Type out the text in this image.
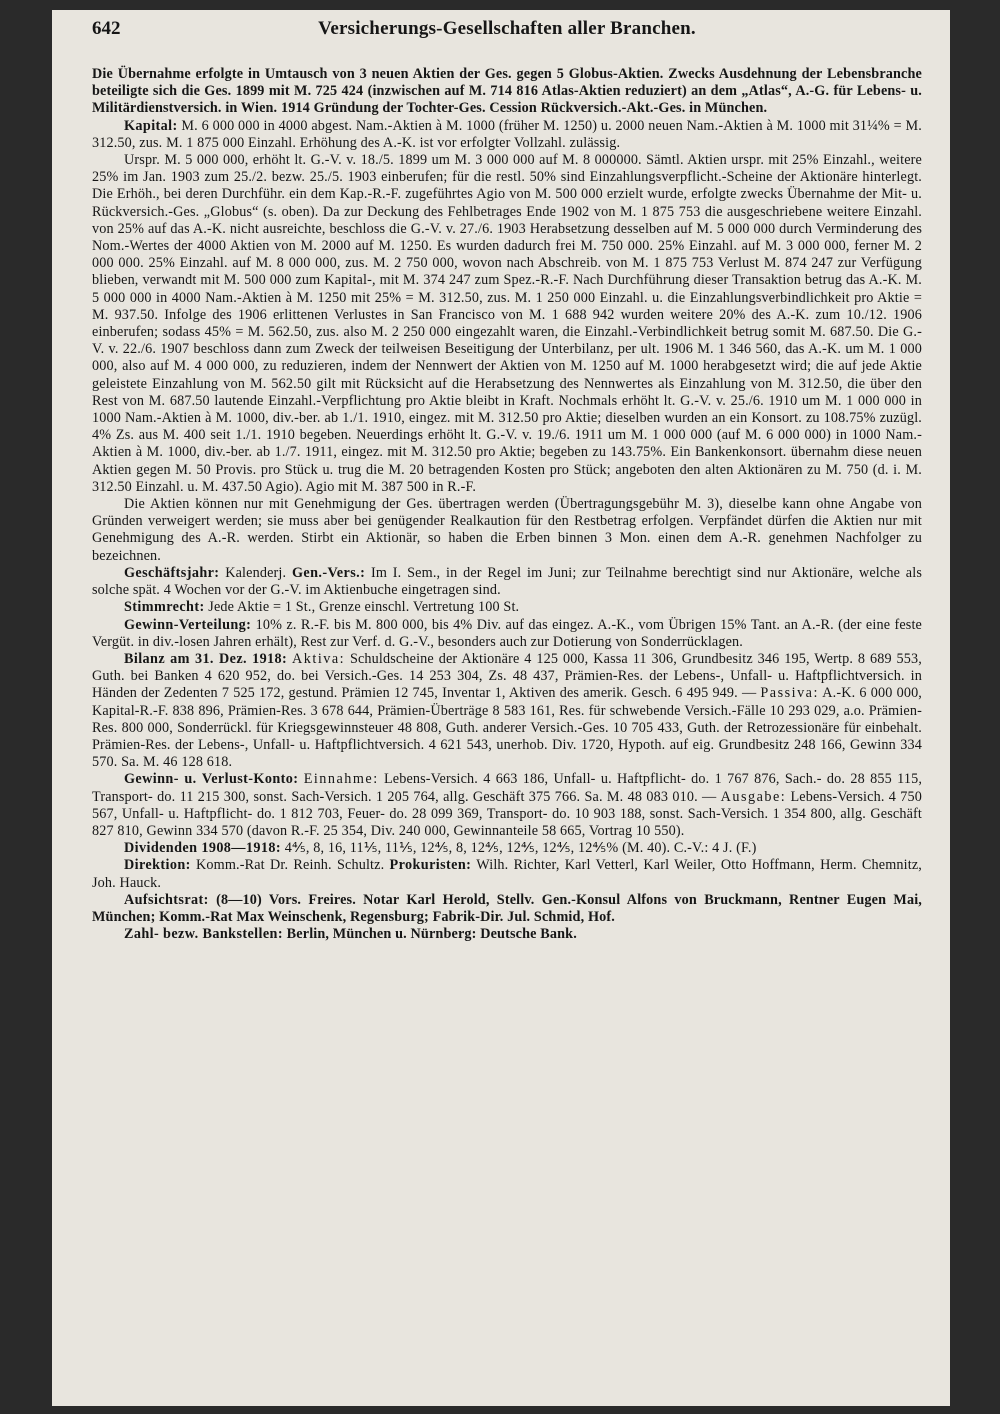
642	Versicherungs-Gesellschaften aller Branchen.

Die Übernahme erfolgte in Umtausch von 3 neuen Aktien der Ges. gegen 5 Globus-Aktien. Zwecks Ausdehnung der Lebensbranche beteiligte sich die Ges. 1899 mit M. 725 424 (inzwischen auf M. 714 816 Atlas-Aktien reduziert) an dem „Atlas“, A.-G. für Lebens- u. Militärdienstversich. in Wien. 1914 Gründung der Tochter-Ges. Cession Rückversich.-Akt.-Ges. in München.

Kapital: M. 6 000 000 in 4000 abgest. Nam.-Aktien à M. 1000 (früher M. 1250) u. 2000 neuen Nam.-Aktien à M. 1000 mit 31¼% = M. 312.50, zus. M. 1 875 000 Einzahl. Erhöhung des A.-K. ist vor erfolgter Vollzahl. zulässig.

Urspr. M. 5 000 000, erhöht lt. G.-V. v. 18./5. 1899 um M. 3 000 000 auf M. 8 000000. Sämtl. Aktien urspr. mit 25% Einzahl., weitere 25% im Jan. 1903 zum 25./2. bezw. 25./5. 1903 einberufen; für die restl. 50% sind Einzahlungsverpflicht.-Scheine der Aktionäre hinterlegt. Die Erhöh., bei deren Durchführ. ein dem Kap.-R.-F. zugeführtes Agio von M. 500 000 erzielt wurde, erfolgte zwecks Übernahme der Mit- u. Rückversich.-Ges. „Globus“ (s. oben). Da zur Deckung des Fehlbetrages Ende 1902 von M. 1 875 753 die ausgeschriebene weitere Einzahl. von 25% auf das A.-K. nicht ausreichte, beschloss die G.-V. v. 27./6. 1903 Herabsetzung desselben auf M. 5 000 000 durch Verminderung des Nom.-Wertes der 4000 Aktien von M. 2000 auf M. 1250. Es wurden dadurch frei M. 750 000. 25% Einzahl. auf M. 3 000 000, ferner M. 2 000 000. 25% Einzahl. auf M. 8 000 000, zus. M. 2 750 000, wovon nach Abschreib. von M. 1 875 753 Verlust M. 874 247 zur Verfügung blieben, verwandt mit M. 500 000 zum Kapital-, mit M. 374 247 zum Spez.-R.-F. Nach Durchführung dieser Transaktion betrug das A.-K. M. 5 000 000 in 4000 Nam.-Aktien à M. 1250 mit 25% = M. 312.50, zus. M. 1 250 000 Einzahl. u. die Einzahlungsverbindlichkeit pro Aktie = M. 937.50. Infolge des 1906 erlittenen Verlustes in San Francisco von M. 1 688 942 wurden weitere 20% des A.-K. zum 10./12. 1906 einberufen; sodass 45% = M. 562.50, zus. also M. 2 250 000 eingezahlt waren, die Einzahl.-Verbindlichkeit betrug somit M. 687.50. Die G.-V. v. 22./6. 1907 beschloss dann zum Zweck der teilweisen Beseitigung der Unterbilanz, per ult. 1906 M. 1 346 560, das A.-K. um M. 1 000 000, also auf M. 4 000 000, zu reduzieren, indem der Nennwert der Aktien von M. 1250 auf M. 1000 herabgesetzt wird; die auf jede Aktie geleistete Einzahlung von M. 562.50 gilt mit Rücksicht auf die Herabsetzung des Nennwertes als Einzahlung von M. 312.50, die über den Rest von M. 687.50 lautende Einzahl.-Verpflichtung pro Aktie bleibt in Kraft. Nochmals erhöht lt. G.-V. v. 25./6. 1910 um M. 1 000 000 in 1000 Nam.-Aktien à M. 1000, div.-ber. ab 1./1. 1910, eingez. mit M. 312.50 pro Aktie; dieselben wurden an ein Konsort. zu 108.75% zuzügl. 4% Zs. aus M. 400 seit 1./1. 1910 begeben. Neuerdings erhöht lt. G.-V. v. 19./6. 1911 um M. 1 000 000 (auf M. 6 000 000) in 1000 Nam.-Aktien à M. 1000, div.-ber. ab 1./7. 1911, eingez. mit M. 312.50 pro Aktie; begeben zu 143.75%. Ein Bankenkonsort. übernahm diese neuen Aktien gegen M. 50 Provis. pro Stück u. trug die M. 20 betragenden Kosten pro Stück; angeboten den alten Aktionären zu M. 750 (d. i. M. 312.50 Einzahl. u. M. 437.50 Agio). Agio mit M. 387 500 in R.-F.

Die Aktien können nur mit Genehmigung der Ges. übertragen werden (Übertragungsgebühr M. 3), dieselbe kann ohne Angabe von Gründen verweigert werden; sie muss aber bei genügender Realkaution für den Restbetrag erfolgen. Verpfändet dürfen die Aktien nur mit Genehmigung des A.-R. werden. Stirbt ein Aktionär, so haben die Erben binnen 3 Mon. einen dem A.-R. genehmen Nachfolger zu bezeichnen.

Geschäftsjahr: Kalenderj. Gen.-Vers.: Im I. Sem., in der Regel im Juni; zur Teilnahme berechtigt sind nur Aktionäre, welche als solche spät. 4 Wochen vor der G.-V. im Aktienbuche eingetragen sind.

Stimmrecht: Jede Aktie = 1 St., Grenze einschl. Vertretung 100 St.

Gewinn-Verteilung: 10% z. R.-F. bis M. 800 000, bis 4% Div. auf das eingez. A.-K., vom Übrigen 15% Tant. an A.-R. (der eine feste Vergüt. in div.-losen Jahren erhält), Rest zur Verf. d. G.-V., besonders auch zur Dotierung von Sonderrücklagen.

Bilanz am 31. Dez. 1918: Aktiva: Schuldscheine der Aktionäre 4 125 000, Kassa 11 306, Grundbesitz 346 195, Wertp. 8 689 553, Guth. bei Banken 4 620 952, do. bei Versich.-Ges. 14 253 304, Zs. 48 437, Prämien-Res. der Lebens-, Unfall- u. Haftpflichtversich. in Händen der Zedenten 7 525 172, gestund. Prämien 12 745, Inventar 1, Aktiven des amerik. Gesch. 6 495 949. — Passiva: A.-K. 6 000 000, Kapital-R.-F. 838 896, Prämien-Res. 3 678 644, Prämien-Überträge 8 583 161, Res. für schwebende Versich.-Fälle 10 293 029, a.o. Prämien-Res. 800 000, Sonderrückl. für Kriegsgewinnsteuer 48 808, Guth. anderer Versich.-Ges. 10 705 433, Guth. der Retrozessionäre für einbehalt. Prämien-Res. der Lebens-, Unfall- u. Haftpflichtversich. 4 621 543, unerhob. Div. 1720, Hypoth. auf eig. Grundbesitz 248 166, Gewinn 334 570. Sa. M. 46 128 618.

Gewinn- u. Verlust-Konto: Einnahme: Lebens-Versich. 4 663 186, Unfall- u. Haftpflicht- do. 1 767 876, Sach.- do. 28 855 115, Transport- do. 11 215 300, sonst. Sach-Versich. 1 205 764, allg. Geschäft 375 766. Sa. M. 48 083 010. — Ausgabe: Lebens-Versich. 4 750 567, Unfall- u. Haftpflicht- do. 1 812 703, Feuer- do. 28 099 369, Transport- do. 10 903 188, sonst. Sach-Versich. 1 354 800, allg. Geschäft 827 810, Gewinn 334 570 (davon R.-F. 25 354, Div. 240 000, Gewinnanteile 58 665, Vortrag 10 550).

Dividenden 1908—1918: 4⅘, 8, 16, 11⅕, 11⅕, 12⅘, 8, 12⅘, 12⅘, 12⅘, 12⅘% (M. 40). C.-V.: 4 J. (F.)

Direktion: Komm.-Rat Dr. Reinh. Schultz. Prokuristen: Wilh. Richter, Karl Vetterl, Karl Weiler, Otto Hoffmann, Herm. Chemnitz, Joh. Hauck.

Aufsichtsrat: (8—10) Vors. Freires. Notar Karl Herold, Stellv. Gen.-Konsul Alfons von Bruckmann, Rentner Eugen Mai, München; Komm.-Rat Max Weinschenk, Regensburg; Fabrik-Dir. Jul. Schmid, Hof.

Zahl- bezw. Bankstellen: Berlin, München u. Nürnberg: Deutsche Bank.
